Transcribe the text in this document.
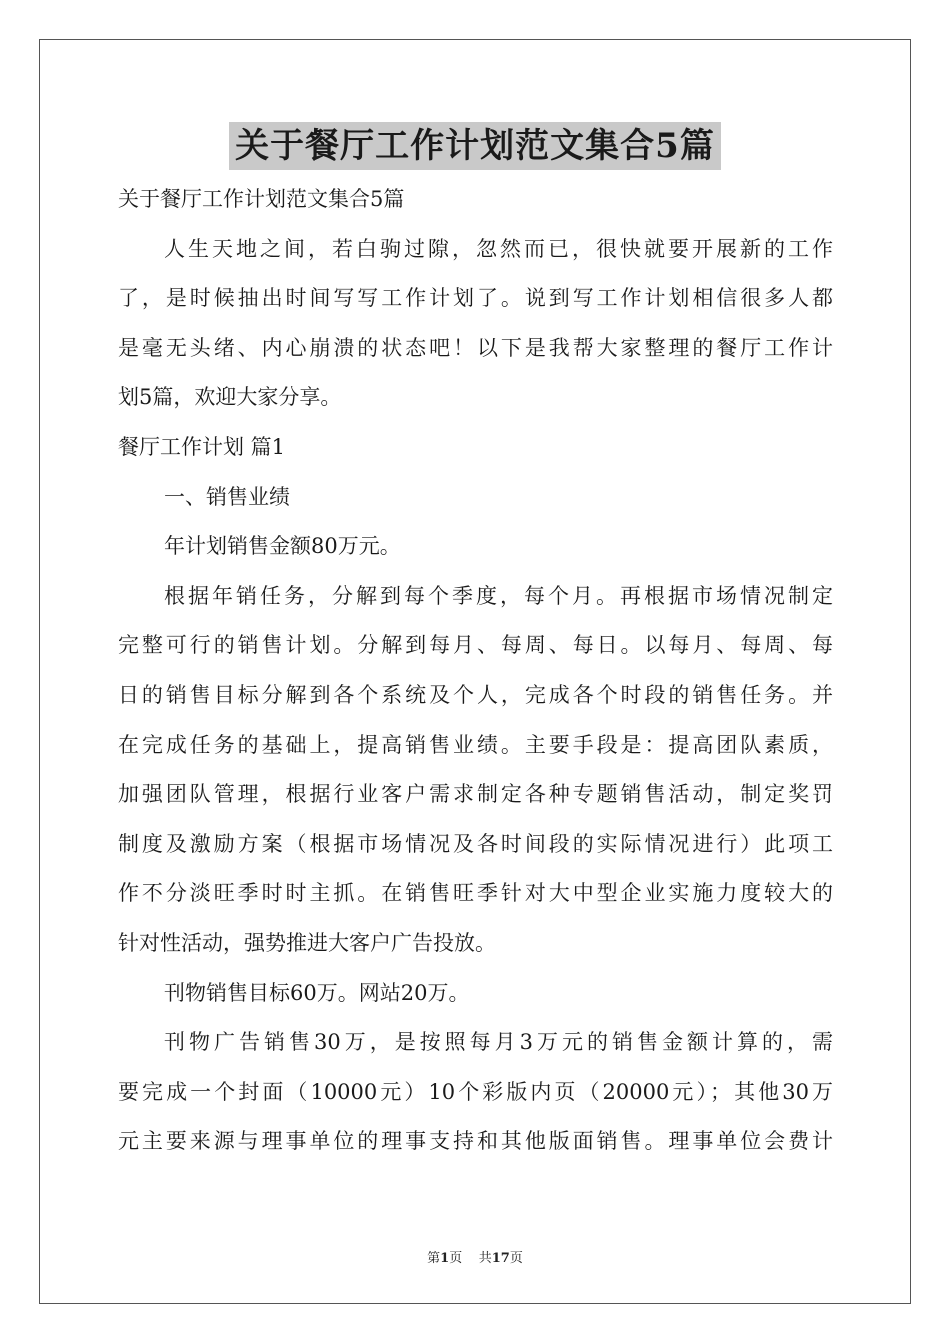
关于餐厅工作计划范文集合5篇
关于餐厅工作计划范文集合5篇
人生天地之间，若白驹过隙，忽然而已，很快就要开展新的工作
了，是时候抽出时间写写工作计划了。说到写工作计划相信很多人都
是毫无头绪、内心崩溃的状态吧！以下是我帮大家整理的餐厅工作计
划5篇，欢迎大家分享。
餐厅工作计划 篇1
一、销售业绩
年计划销售金额80万元。
根据年销任务，分解到每个季度，每个月。再根据市场情况制定
完整可行的销售计划。分解到每月、每周、每日。以每月、每周、每
日的销售目标分解到各个系统及个人，完成各个时段的销售任务。并
在完成任务的基础上，提高销售业绩。主要手段是：提高团队素质，
加强团队管理，根据行业客户需求制定各种专题销售活动，制定奖罚
制度及激励方案（根据市场情况及各时间段的实际情况进行）此项工
作不分淡旺季时时主抓。在销售旺季针对大中型企业实施力度较大的
针对性活动，强势推进大客户广告投放。
刊物销售目标60万。网站20万。
刊物广告销售30万，是按照每月3万元的销售金额计算的，需
要完成一个封面（10000元）10个彩版内页（20000元）；其他30万
元主要来源与理事单位的理事支持和其他版面销售。理事单位会费计
第1页 共17页
